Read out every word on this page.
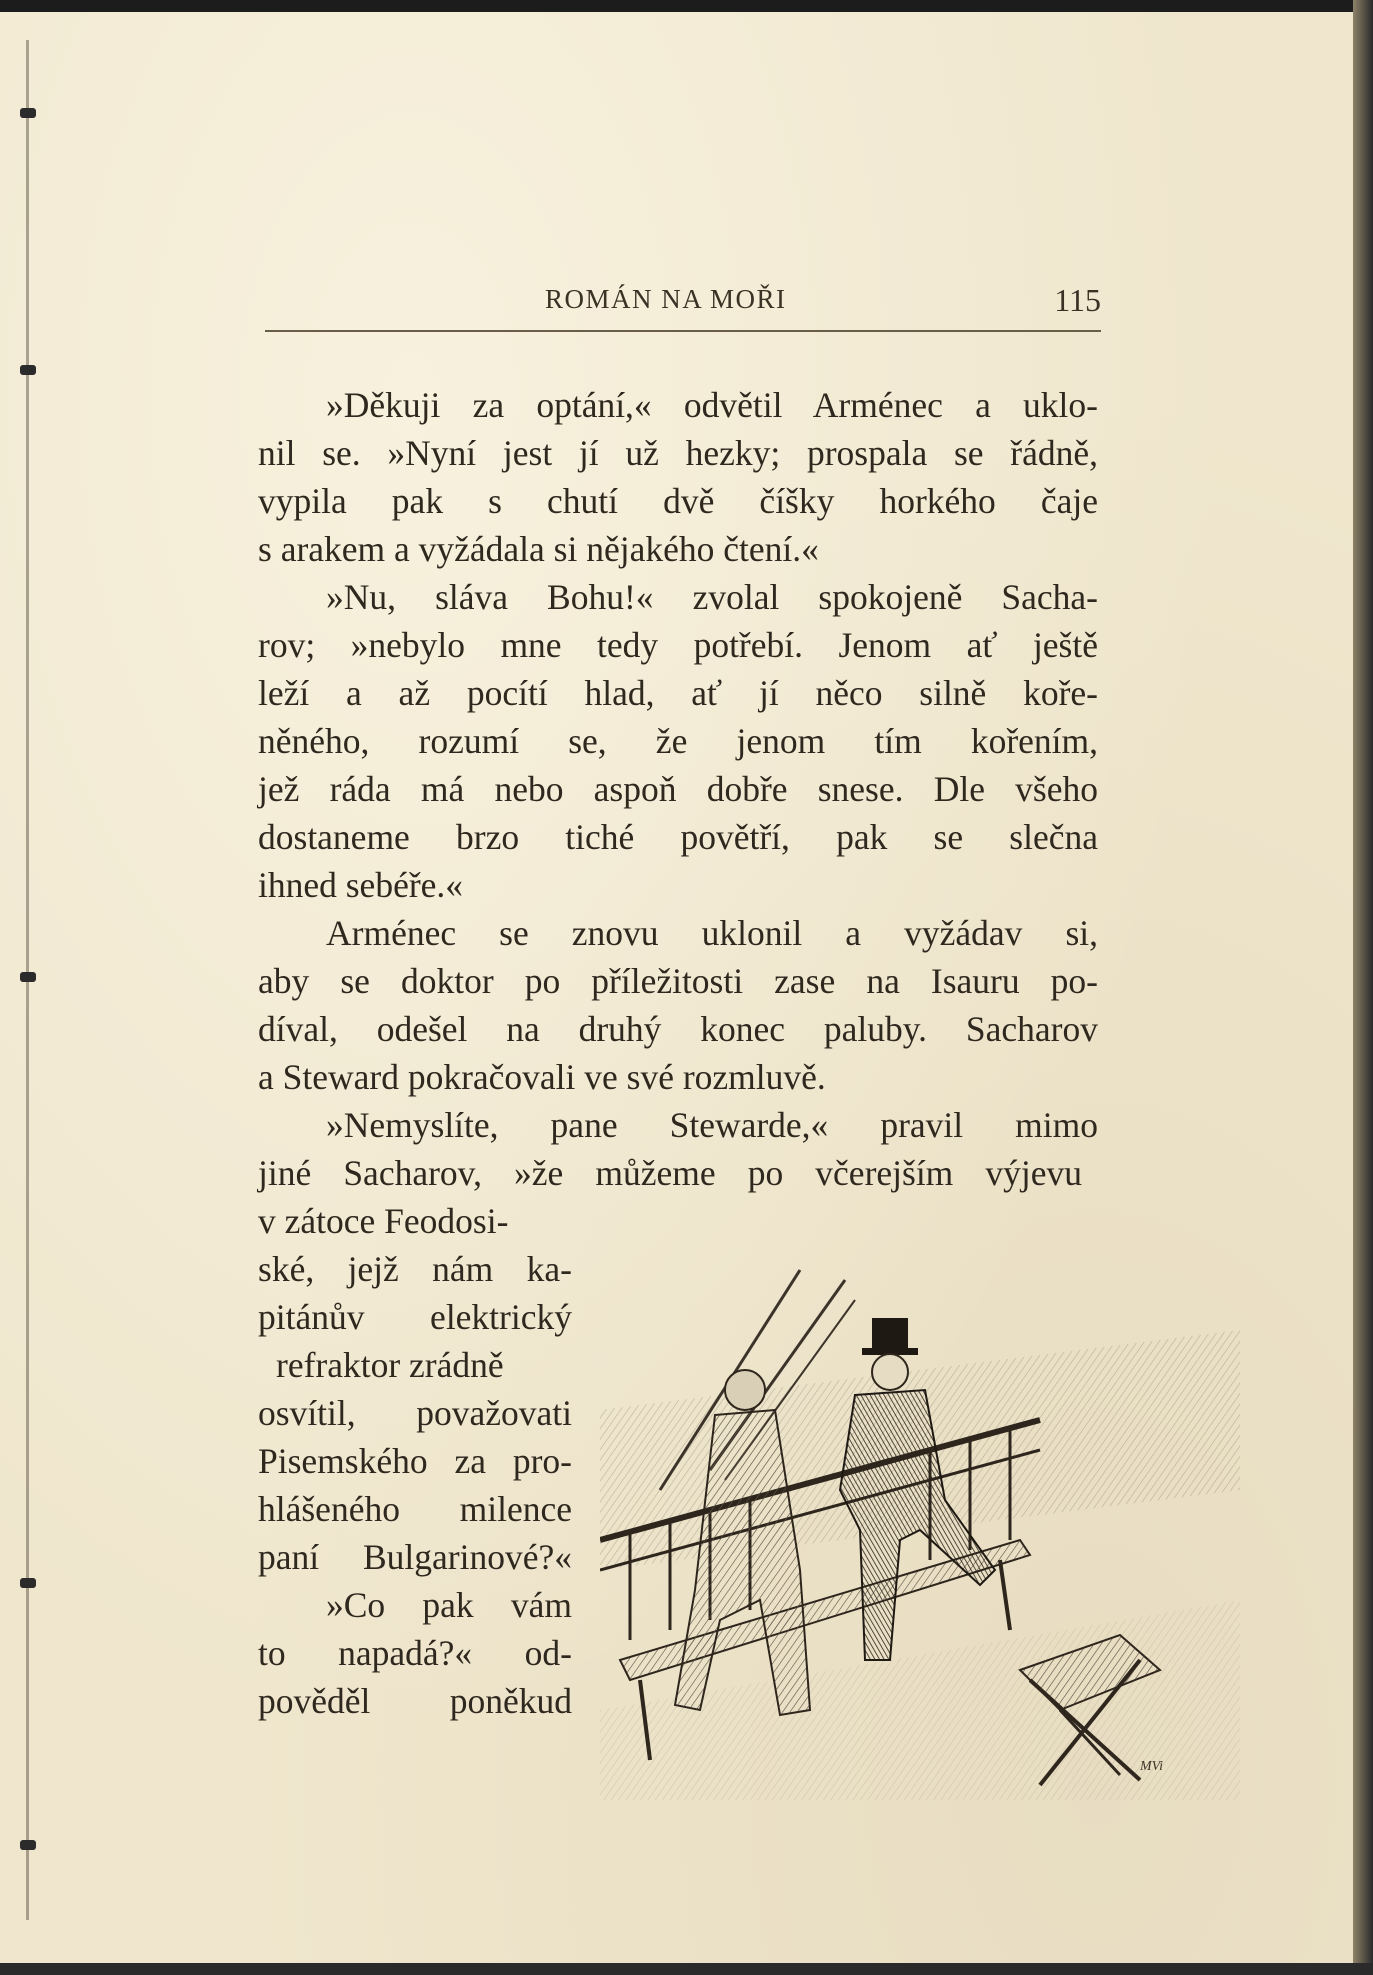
ROMÁN NA MOŘI	115
»Děkuji za optání,« odvětil Arménec a uklo-
nil se. »Nyní jest jí už hezky; prospala se řádně,
vypila pak s chutí dvě číšky horkého čaje
s arakem a vyžádala si nějakého čtení.«
»Nu, sláva Bohu!« zvolal spokojeně Sacha-
rov; »nebylo mne tedy potřebí. Jenom ať ještě
leží a až pocítí hlad, ať jí něco silně koře-
něného, rozumí se, že jenom tím kořením,
jež ráda má nebo aspoň dobře snese. Dle všeho
dostaneme brzo tiché povětří, pak se slečna
ihned sebéře.«
Arménec se znovu uklonil a vyžádav si,
aby se doktor po příležitosti zase na Isauru po-
díval, odešel na druhý konec paluby. Sacharov
a Steward pokračovali ve své rozmluvě.
»Nemyslíte, pane Stewarde,« pravil mimo
jiné Sacharov, »že můžeme po včerejším výjevu
v zátoce Feodosi-
ské, jejž nám ka-
pitánův elektrický
refraktor zrádně
osvítil, považovati
Pisemského za pro-
hlášeného milence
paní Bulgarinové?«
»Co pak vám
to napadá?« od-
pověděl poněkud
MVi
